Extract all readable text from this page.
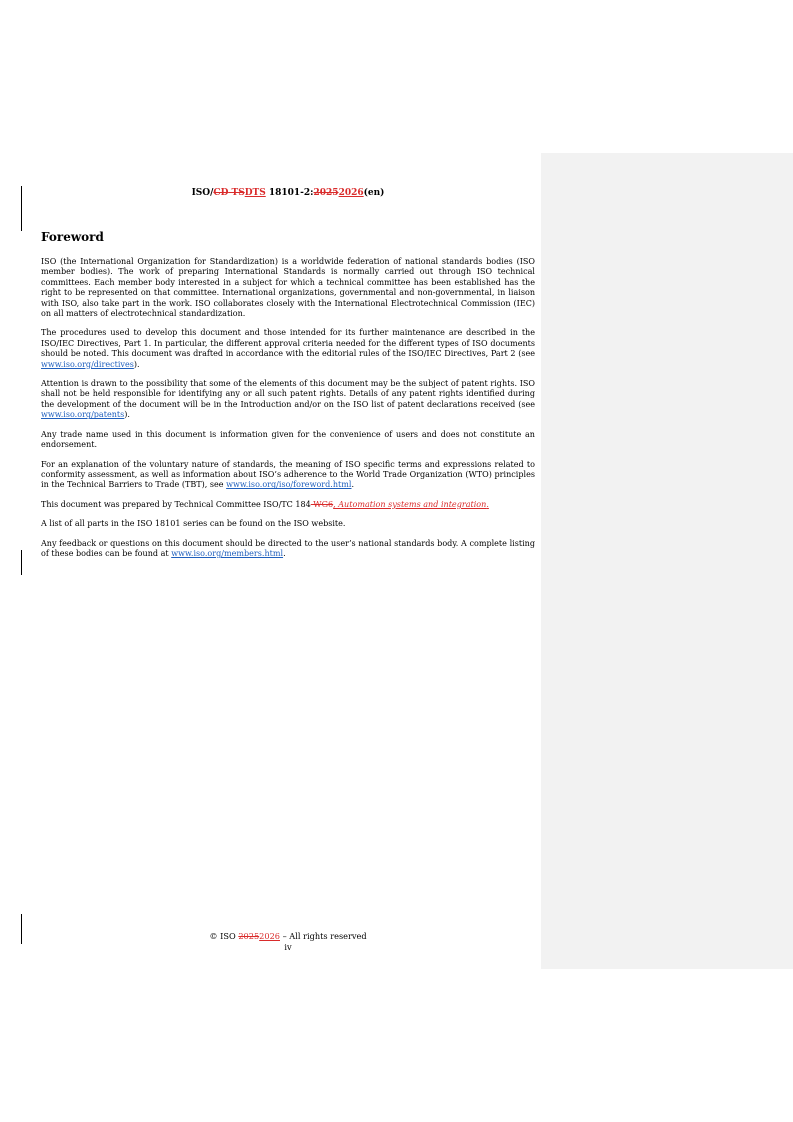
ISO/CD TSDTS 18101-2:20252026(en)
Foreword

ISO (the International Organization for Standardization) is a worldwide federation of national standards bodies (ISO member bodies). The work of preparing International Standards is normally carried out through ISO technical committees. Each member body interested in a subject for which a technical committee has been established has the right to be represented on that committee. International organizations, governmental and non-governmental, in liaison with ISO, also take part in the work. ISO collaborates closely with the International Electrotechnical Commission (IEC) on all matters of electrotechnical standardization.

The procedures used to develop this document and those intended for its further maintenance are described in the ISO/IEC Directives, Part 1. In particular, the different approval criteria needed for the different types of ISO documents should be noted. This document was drafted in accordance with the editorial rules of the ISO/IEC Directives, Part 2 (see www.iso.org/directives).

Attention is drawn to the possibility that some of the elements of this document may be the subject of patent rights. ISO shall not be held responsible for identifying any or all such patent rights. Details of any patent rights identified during the development of the document will be in the Introduction and/or on the ISO list of patent declarations received (see www.iso.org/patents).

Any trade name used in this document is information given for the convenience of users and does not constitute an endorsement.

For an explanation of the voluntary nature of standards, the meaning of ISO specific terms and expressions related to conformity assessment, as well as information about ISO’s adherence to the World Trade Organization (WTO) principles in the Technical Barriers to Trade (TBT), see www.iso.org/iso/foreword.html.

This document was prepared by Technical Committee ISO/TC 184 WG6, Automation systems and integration.

A list of all parts in the ISO 18101 series can be found on the ISO website.

Any feedback or questions on this document should be directed to the user’s national standards body. A complete listing of these bodies can be found at www.iso.org/members.html.

© ISO 20252026 – All rights reserved
iv
